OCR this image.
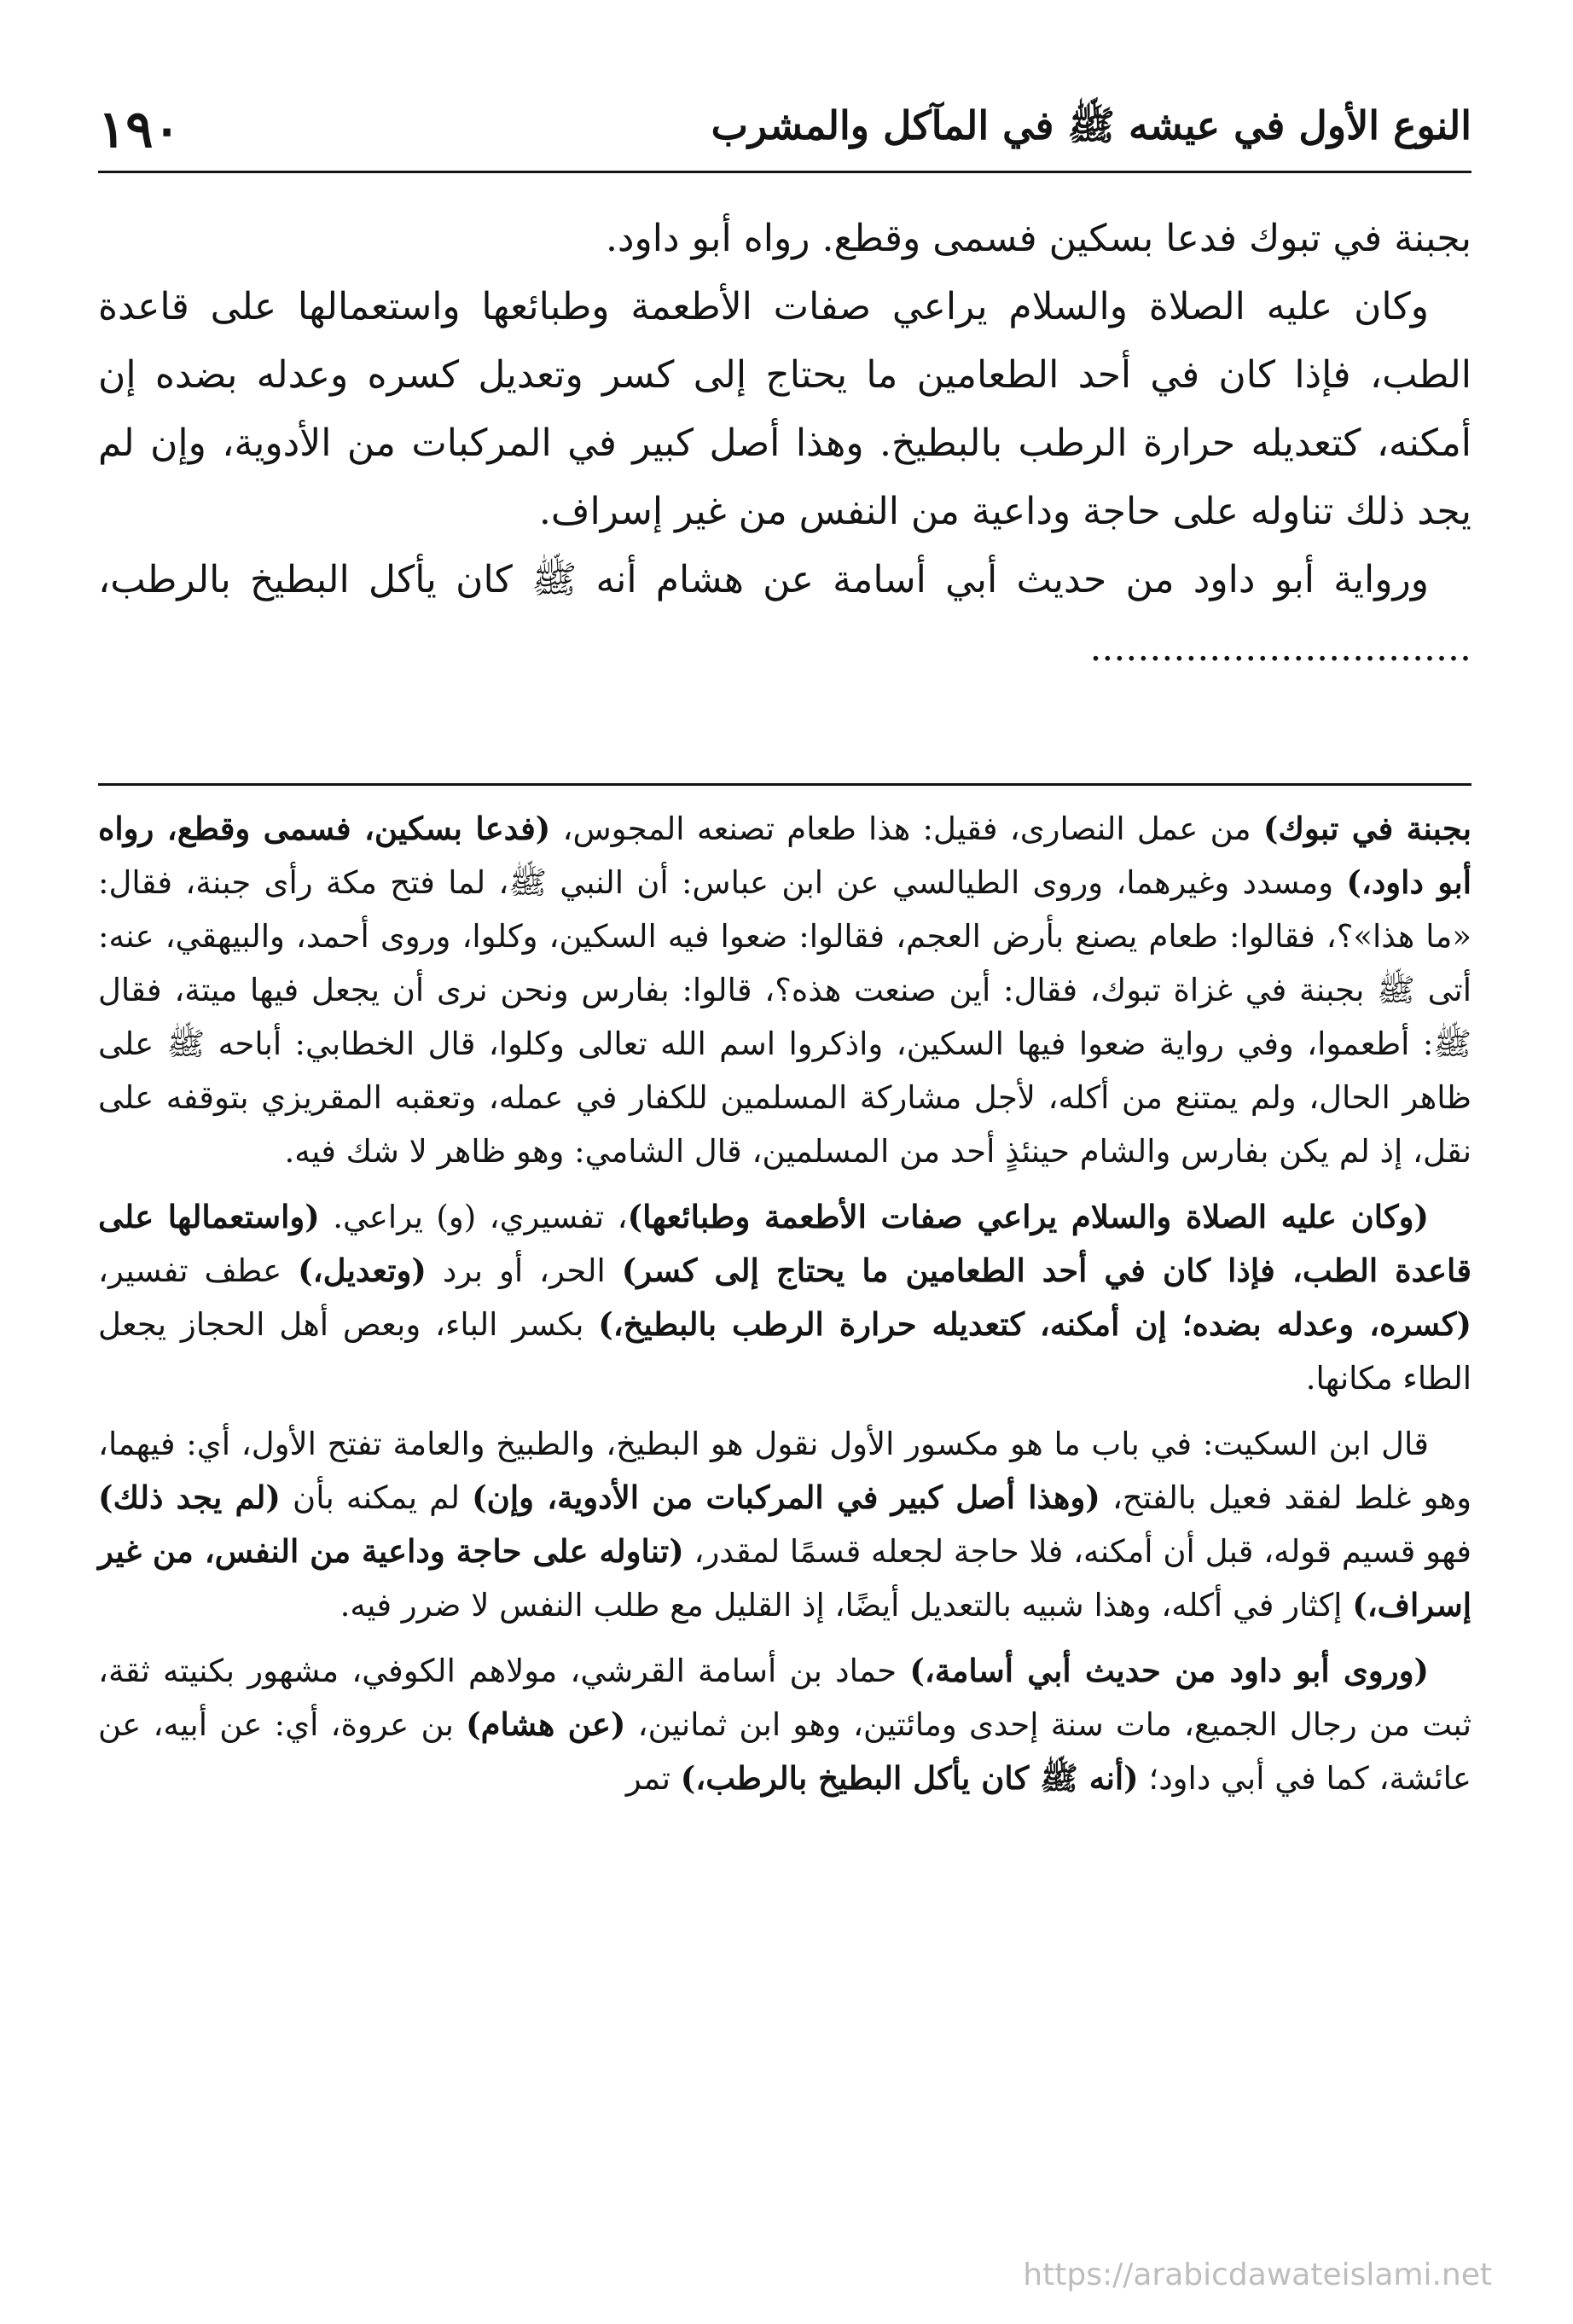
النوع الأول في عيشه ﷺ في المآكل والمشرب
١٩٠

بجبنة في تبوك فدعا بسكين فسمى وقطع. رواه أبو داود.

وكان عليه الصلاة والسلام يراعي صفات الأطعمة وطبائعها واستعمالها على قاعدة الطب، فإذا كان في أحد الطعامين ما يحتاج إلى كسر وتعديل كسره وعدله بضده إن أمكنه، كتعديله حرارة الرطب بالبطيخ. وهذا أصل كبير في المركبات من الأدوية، وإن لم يجد ذلك تناوله على حاجة وداعية من النفس من غير إسراف.

ورواية أبو داود من حديث أبي أسامة عن هشام أنه ﷺ كان يأكل البطيخ بالرطب، ................................

بجبنة في تبوك) من عمل النصارى، فقيل: هذا طعام تصنعه المجوس، (فدعا بسكين، فسمى وقطع، رواه أبو داود،) ومسدد وغيرهما، وروى الطيالسي عن ابن عباس: أن النبي ﷺ، لما فتح مكة رأى جبنة، فقال: «ما هذا»؟، فقالوا: طعام يصنع بأرض العجم، فقالوا: ضعوا فيه السكين، وكلوا، وروى أحمد، والبيهقي، عنه: أتى ﷺ بجبنة في غزاة تبوك، فقال: أين صنعت هذه؟، قالوا: بفارس ونحن نرى أن يجعل فيها ميتة، فقال ﷺ: أطعموا، وفي رواية ضعوا فيها السكين، واذكروا اسم الله تعالى وكلوا، قال الخطابي: أباحه ﷺ على ظاهر الحال، ولم يمتنع من أكله، لأجل مشاركة المسلمين للكفار في عمله، وتعقبه المقريزي بتوقفه على نقل، إذ لم يكن بفارس والشام حينئذٍ أحد من المسلمين، قال الشامي: وهو ظاهر لا شك فيه.

(وكان عليه الصلاة والسلام يراعي صفات الأطعمة وطبائعها)، تفسيري، (و) يراعي. (واستعمالها على قاعدة الطب، فإذا كان في أحد الطعامين ما يحتاج إلى كسر) الحر، أو برد (وتعديل،) عطف تفسير، (كسره، وعدله بضده؛ إن أمكنه، كتعديله حرارة الرطب بالبطيخ،) بكسر الباء، وبعص أهل الحجاز يجعل الطاء مكانها.

قال ابن السكيت: في باب ما هو مكسور الأول نقول هو البطيخ، والطبيخ والعامة تفتح الأول، أي: فيهما، وهو غلط لفقد فعيل بالفتح، (وهذا أصل كبير في المركبات من الأدوية، وإن) لم يمكنه بأن (لم يجد ذلك) فهو قسيم قوله، قبل أن أمكنه، فلا حاجة لجعله قسمًا لمقدر، (تناوله على حاجة وداعية من النفس، من غير إسراف،) إكثار في أكله، وهذا شبيه بالتعديل أيضًا، إذ القليل مع طلب النفس لا ضرر فيه.

(وروى أبو داود من حديث أبي أسامة،) حماد بن أسامة القرشي، مولاهم الكوفي، مشهور بكنيته ثقة، ثبت من رجال الجميع، مات سنة إحدى ومائتين، وهو ابن ثمانين، (عن هشام) بن عروة، أي: عن أبيه، عن عائشة، كما في أبي داود؛ (أنه ﷺ كان يأكل البطيخ بالرطب،) تمر

https://arabicdawateislami.net
